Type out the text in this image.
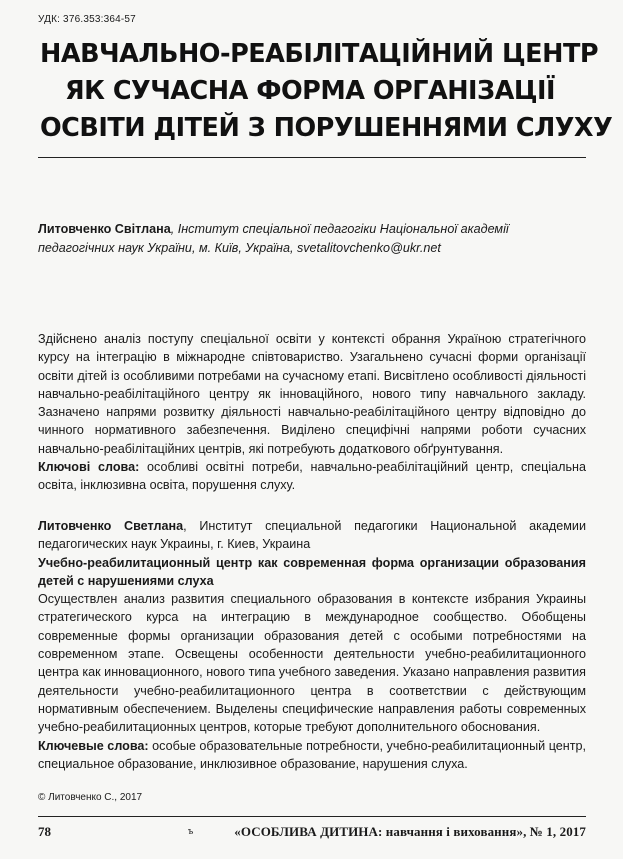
УДК: 376.353:364-57
НАВЧАЛЬНО-РЕАБІЛІТАЦІЙНИЙ ЦЕНТР
ЯК СУЧАСНА ФОРМА ОРГАНІЗАЦІЇ
ОСВІТИ ДІТЕЙ З ПОРУШЕННЯМИ СЛУХУ

Литовченко Світлана, Інститут спеціальної педагогіки Національної академії педагогічних наук України, м. Київ, Україна, svetalitovchenko@ukr.net

Здійснено аналіз поступу спеціальної освіти у контексті обрання Україною стратегічного курсу на інтеграцію в міжнародне співтовариство. Узагальнено сучасні форми організації освіти дітей із особливими потребами на сучасному етапі. Висвітлено особливості діяльності навчально-реабілітаційного центру як інноваційного, нового типу навчального закладу. Зазначено напрями розвитку діяльності навчально-реабілітаційного центру відповідно до чинного нормативного забезпечення. Виділено специфічні напрями роботи сучасних навчально-реабілітаційних центрів, які потребують додаткового обґрунтування.
Ключові слова: особливі освітні потреби, навчально-реабілітаційний центр, спеціальна освіта, інклюзивна освіта, порушення слуху.

Литовченко Светлана, Институт специальной педагогики Национальной академии педагогических наук Украины, г. Киев, Украина
Учебно-реабилитационный центр как современная форма организации образования детей с нарушениями слуха
Осуществлен анализ развития специального образования в контексте избрания Украины стратегического курса на интеграцию в международное сообщество. Обобщены современные формы организации образования детей с особыми потребностями на современном этапе. Освещены особенности деятельности учебно-реабилитационного центра как инновационного, нового типа учебного заведения. Указано направления развития деятельности учебно-реабилитационного центра в соответствии с действующим нормативным обеспечением. Выделены специфические направления работы современных учебно-реабилитационных центров, которые требуют дополнительного обоснования.
Ключевые слова: особые образовательные потребности, учебно-реабилитационный центр, специальное образование, инклюзивное образование, нарушения слуха.

© Литовченко С., 2017
78	ъ	«ОСОБЛИВА ДИТИНА: навчання і виховання», № 1, 2017
